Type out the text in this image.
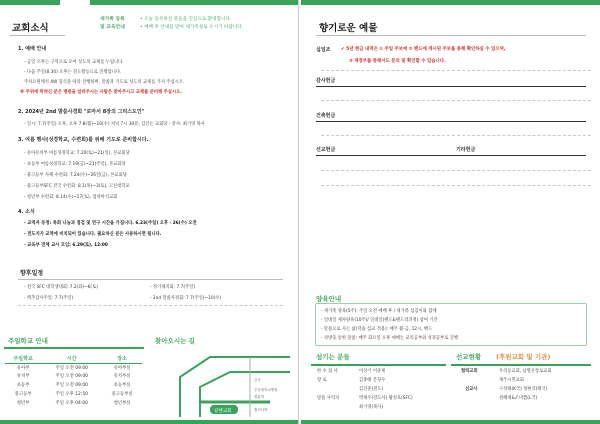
교회소식
새가족 등록
및 교육안내
• 오늘 등록하신 분들을 진심으로 환영합니다.
• 예배 후 안내를 받아 새가족실로 오시기 바랍니다.
1. 예배 안내
- 금일 오후는 구역으로 모여 성도의 교제를 누립니다.
- 다음 주일(8.30) 오후는 전도활동으로 진행합니다.
주차요원께선 4W 형식을 따라 진행하며, 말씀과 기도로 성도의 교제를 가져 주십시오.
※ 주위에 막혀신 분은 병원을 알려주시는 사람은 찾아주시고 교제를 준비해 주십시오.
2. 2024년 2nd 말씀사경회 "로마서 8장의 그리스도인"
- 일시: 7.7(주일) 오후, 오후 7.8(월)~10(수) 저녁 7시 30분, 김인돈 교회당 - 강사: 최기영 목사
3. 여름 행사(성경학교, 수련회)를 위해 기도로 준비합시다.
- 유아유치부 여름성경학교: 7.20(토)~21(일), 본교회당
- 초등부 여름성경학교: 7.19(금)~21(주일), 본교회당
- 중고등부 자체 수련회: 7.24(수)~26일(금), 본교회당
- 중고등부SFC 전국 수련회: 8.1(목)~3(토), 고신대학교
- 청년부 수련회: 8.14(수)~17(토), 엄양마석교회
4. 소식
- 교역자 동정: 목회 나눔과 점검 및 연구 시간을 가집니다. 6.23(주일) 오후 - 26(수) 오전
- 전도지가 교역에 비치되어 있습니다. 필요하신 분은 사용하시면 됩니다.
- 교육부 전체 교사 모임: 6.29(토), 12:00
향후일정
- 전국 SFC 대학생대회: 7.2(화)~6(토)	- 정기제직회: 7.7(주일)
- 맥추감사주일: 7.7(주일)	- 2nd 말씀사경회: 7.7(주일)~10(수)
주일학교 안내
주일학교	시간	장소
유아부	주일 오전 09:00	유아부실
유치부	주일 오전 09:00	유치부실
초등부	주일 오전 09:00	초등부실
중고등부	주일 오후 12:50	중고등부실
청년부	주일 오후 04:00	청년부실
찾아오시는 길
갈렌교회
금곡
부산대학교병원
명륜역
범어사역
향기로운 예물
십일조 ✔ 5년 현금 내역은 ① 주일 주보에 ② 밴드에 게시된 주보를 통해 확인하실 수 있으며,
③ 재정부를 통해서도 문의 및 확인할 수 있습니다.
감사헌금
건축헌금
선교헌금	기타헌금
양육안내
- 새가족 양육(5주): 주일 오전 예배 후 / 새가족 섬김이와 함께
- 일대일 제자양육(10주)/ 일대일(랜드&랜드리과정) 참여 기간
- 말씀으로 사는 삶(학습 섬교 적용): 매주 월·금, 12시, 밴드
- 성방을 통한 말씀: 매주 화요일 오후 예배는 교리공부와 성경공부로 진행
섬기는 분들
한 수 집 사	이상기 이준제
장 로	김종태 문형수
김진준(전도)
말씀 사역자	박재우(강도사) 황성호(SFC)
최기영(목사)
선교현황 (후원교회 및 기관)
협력교회	우리동교회, 남열산장로교회
제주시민교회
선교사	구성태(K국) 정현석(태국)
전혜계&조미쁨(L국)
